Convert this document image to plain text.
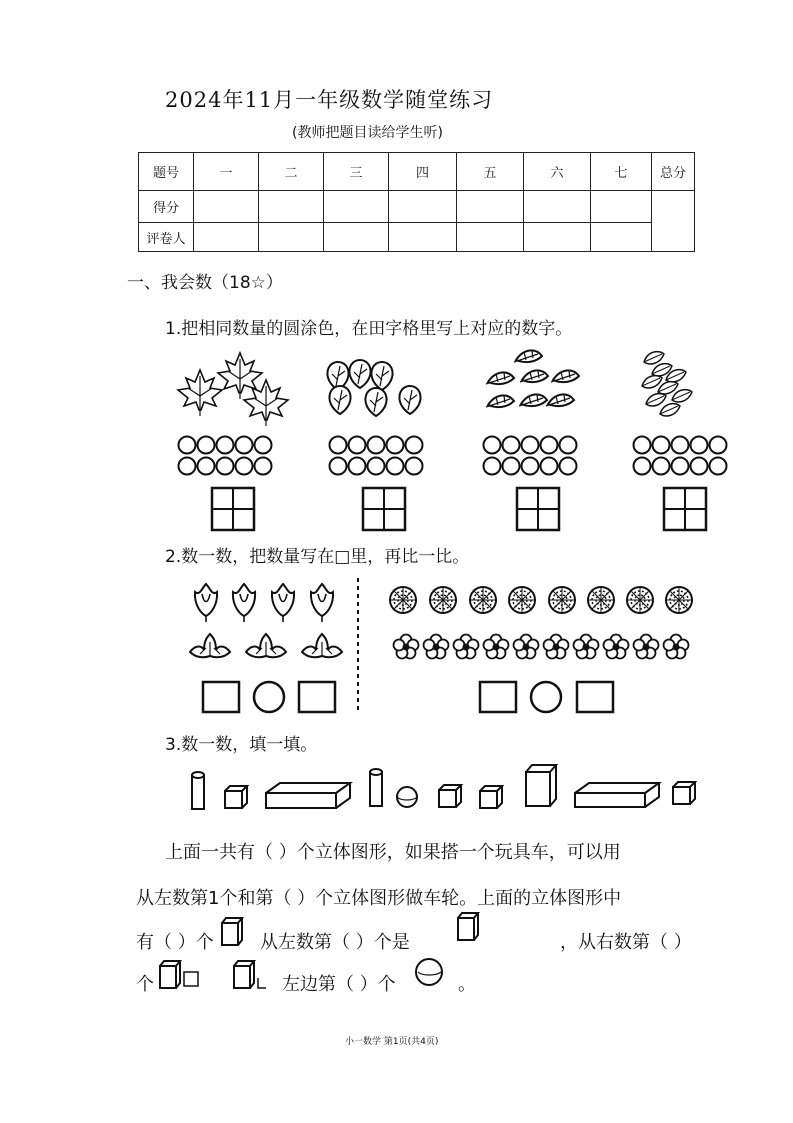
2024年11月一年级数学随堂练习
(教师把题目读给学生听)
题号	一	二	三	四	五	六	七	总分
得分								
评卷人								
一、我会数（18☆）
1.把相同数量的圆涂色，在田字格里写上对应的数字。
2.数一数，把数量写在□里，再比一比。
3.数一数，填一填。
上面一共有（ ）个立体图形，如果搭一个玩具车，可以用
从左数第1个和第（ ）个立体图形做车轮。上面的立体图形中
有（ ）个	从左数第（ ）个是	，从右数第（ ）
个	左边第（ ）个	。
小一数学 第1页(共4页)
